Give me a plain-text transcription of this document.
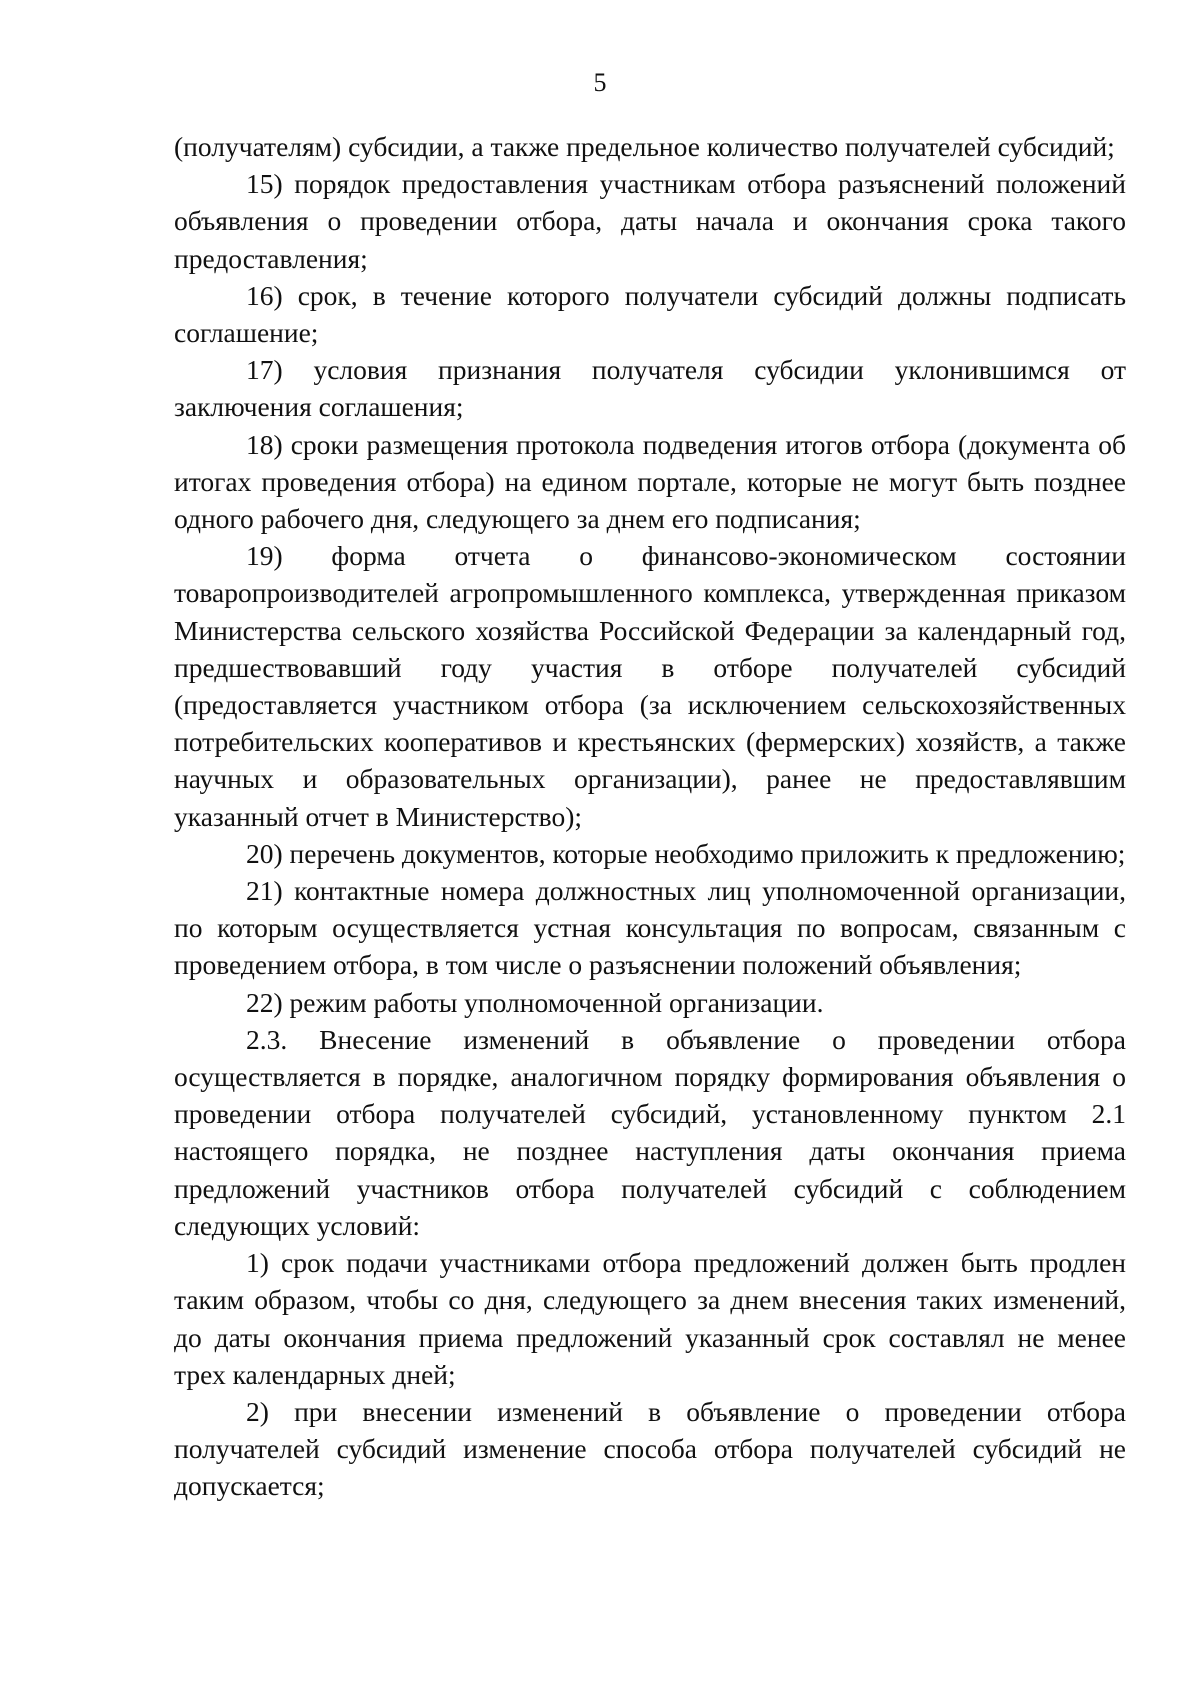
5

(получателям) субсидии, а также предельное количество получателей субсидий;

15) порядок предоставления участникам отбора разъяснений положений объявления о проведении отбора, даты начала и окончания срока такого предоставления;

16) срок, в течение которого получатели субсидий должны подписать соглашение;

17) условия признания получателя субсидии уклонившимся от заключения соглашения;

18) сроки размещения протокола подведения итогов отбора (документа об итогах проведения отбора) на едином портале, которые не могут быть позднее одного рабочего дня, следующего за днем его подписания;

19) форма отчета о финансово-экономическом состоянии товаропроизводителей агропромышленного комплекса, утвержденная приказом Министерства сельского хозяйства Российской Федерации за календарный год, предшествовавший году участия в отборе получателей субсидий (предоставляется участником отбора (за исключением сельскохозяйственных потребительских кооперативов и крестьянских (фермерских) хозяйств, а также научных и образовательных организации), ранее не предоставлявшим указанный отчет в Министерство);

20) перечень документов, которые необходимо приложить к предложению;

21) контактные номера должностных лиц уполномоченной организации, по которым осуществляется устная консультация по вопросам, связанным с проведением отбора, в том числе о разъяснении положений объявления;

22) режим работы уполномоченной организации.

2.3. Внесение изменений в объявление о проведении отбора осуществляется в порядке, аналогичном порядку формирования объявления о проведении отбора получателей субсидий, установленному пунктом 2.1 настоящего порядка, не позднее наступления даты окончания приема предложений участников отбора получателей субсидий с соблюдением следующих условий:

1) срок подачи участниками отбора предложений должен быть продлен таким образом, чтобы со дня, следующего за днем внесения таких изменений, до даты окончания приема предложений указанный срок составлял не менее трех календарных дней;

2) при внесении изменений в объявление о проведении отбора получателей субсидий изменение способа отбора получателей субсидий не допускается;
